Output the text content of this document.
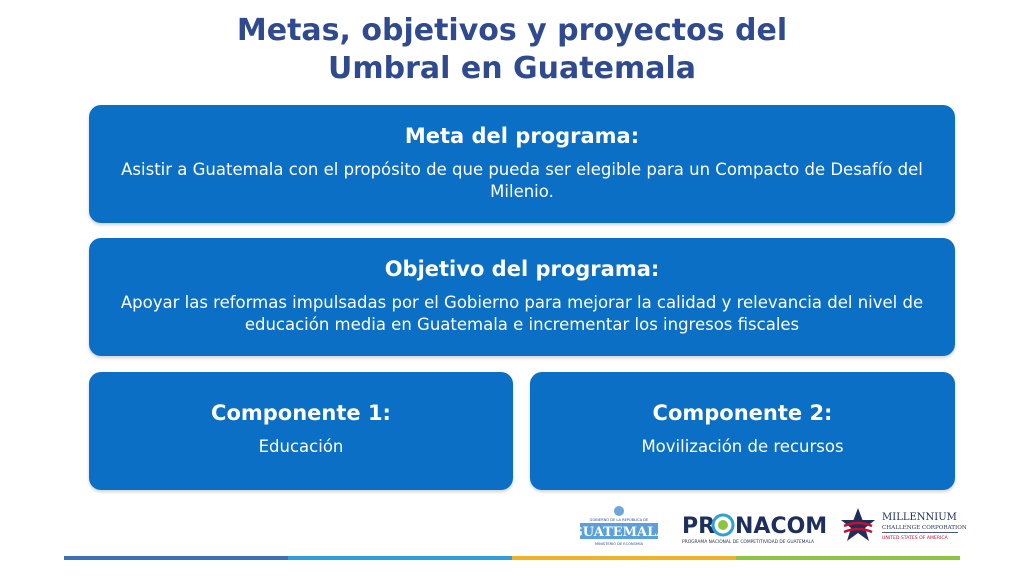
Metas, objetivos y proyectos del
Umbral en Guatemala
Meta del programa:

Asistir a Guatemala con el propósito de que pueda ser elegible para un Compacto de Desafío del Milenio.

Objetivo del programa:

Apoyar las reformas impulsadas por el Gobierno para mejorar la calidad y relevancia del nivel de educación media en Guatemala e incrementar los ingresos fiscales

Componente 1:

Educación

Componente 2:

Movilización de recursos

GOBIERNO DE LA REPÚBLICA DE
GUATEMALA
MINISTERIO DE ECONOMÍA
PR NACOM
PROGRAMA NACIONAL DE COMPETITIVIDAD DE GUATEMALA
MILLENNIUM
CHALLENGE CORPORATION
UNITED STATES OF AMERICA
